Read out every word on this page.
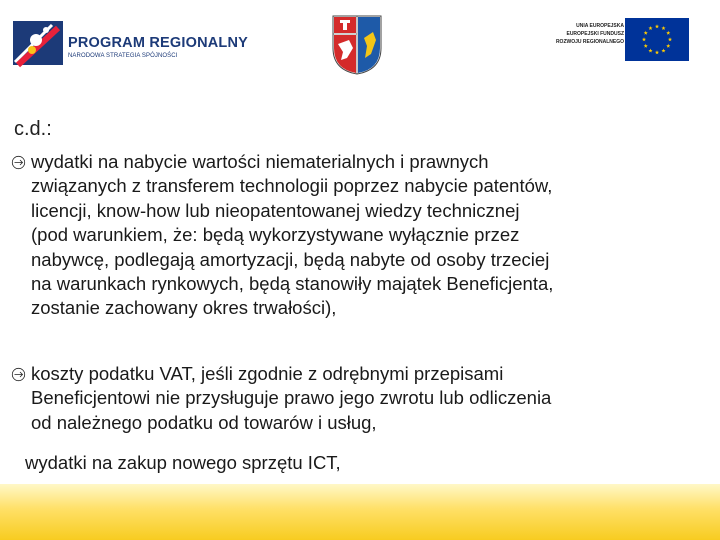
PROGRAM REGIONALNY
NARODOWA STRATEGIA SPÓJNOŚCI
UNIA EUROPEJSKA
EUROPEJSKI FUNDUSZ
ROZWOJU REGIONALNEGO
c.d.:
wydatki na nabycie wartości niematerialnych i prawnych
związanych z transferem technologii poprzez nabycie patentów,
licencji, know-how lub nieopatentowanej wiedzy technicznej
(pod warunkiem, że: będą wykorzystywane wyłącznie przez
nabywcę, podlegają amortyzacji, będą nabyte od osoby trzeciej
na warunkach rynkowych, będą stanowiły majątek Beneficjenta,
zostanie zachowany okres trwałości),
koszty podatku VAT, jeśli zgodnie z odrębnymi przepisami
Beneficjentowi nie przysługuje prawo jego zwrotu lub odliczenia
od należnego podatku od towarów i usług,
wydatki na zakup nowego sprzętu ICT,
